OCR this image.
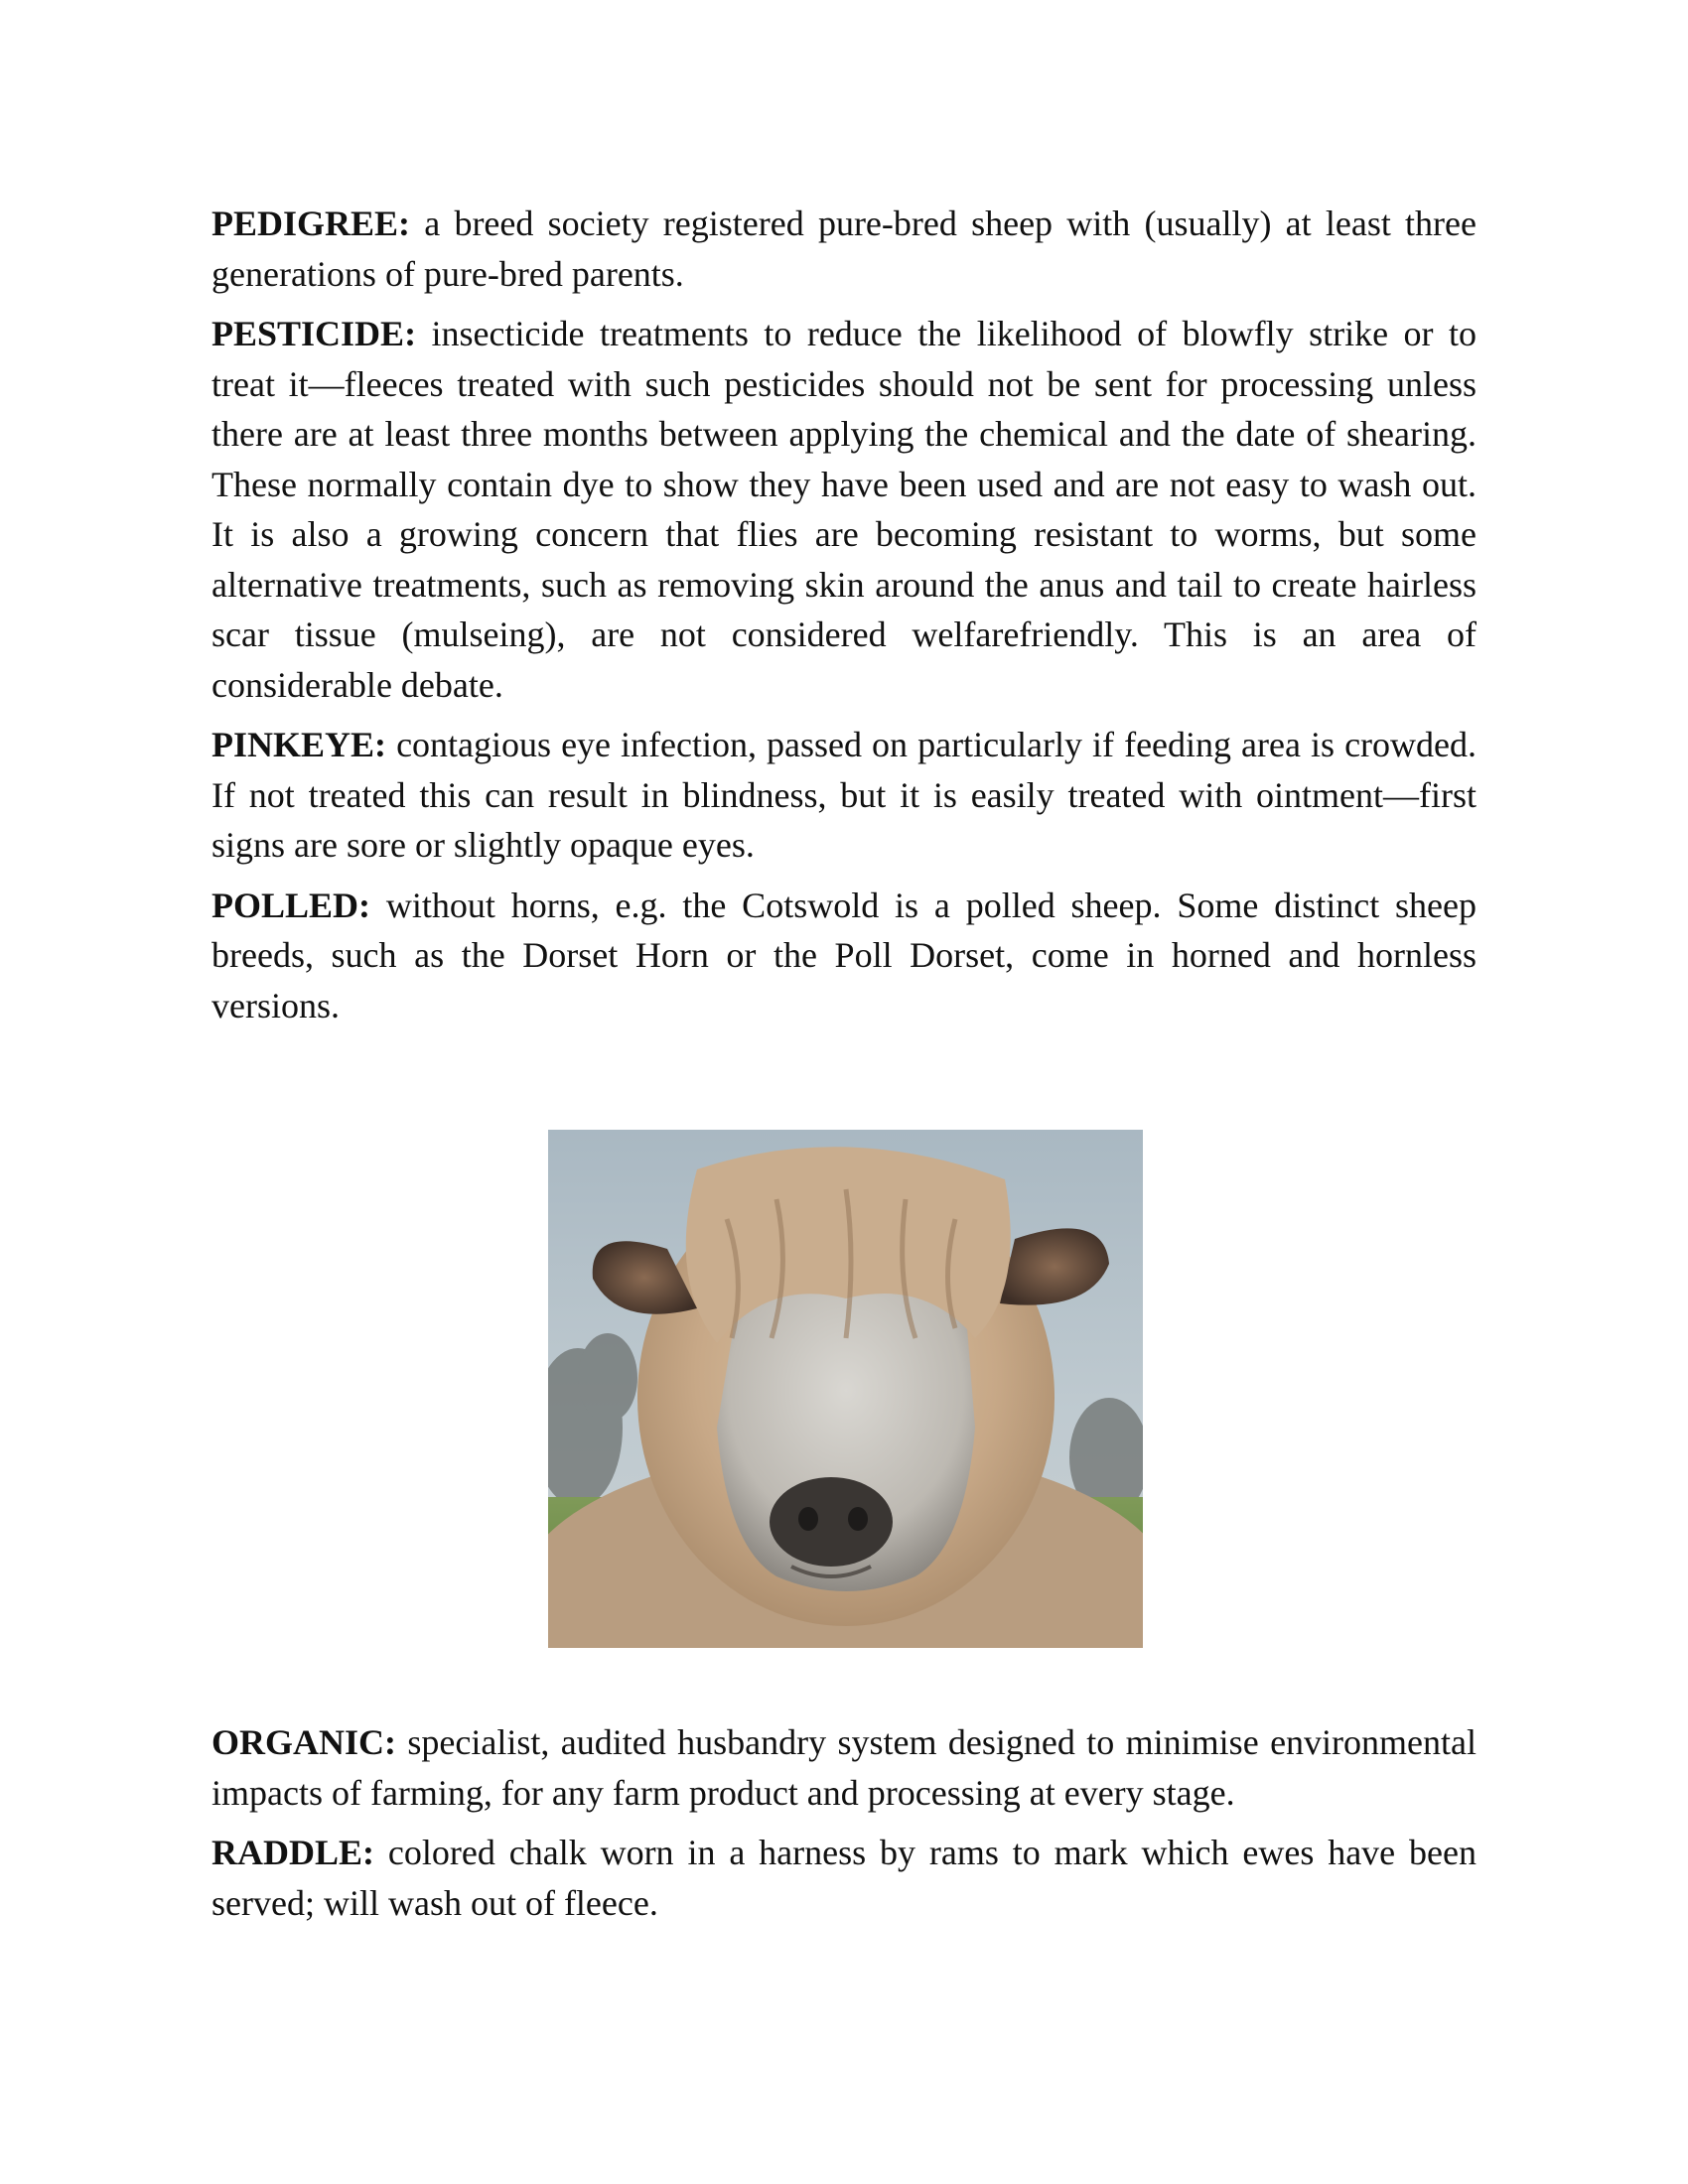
PEDIGREE: a breed society registered pure-bred sheep with (usually) at least three generations of pure-bred parents.

PESTICIDE: insecticide treatments to reduce the likelihood of blowfly strike or to treat it—fleeces treated with such pesticides should not be sent for processing unless there are at least three months between applying the chemical and the date of shearing. These normally contain dye to show they have been used and are not easy to wash out. It is also a growing concern that flies are becoming resistant to worms, but some alternative treatments, such as removing skin around the anus and tail to create hairless scar tissue (mulseing), are not considered welfarefriendly. This is an area of considerable debate.

PINKEYE: contagious eye infection, passed on particularly if feeding area is crowded. If not treated this can result in blindness, but it is easily treated with ointment—first signs are sore or slightly opaque eyes.

POLLED: without horns, e.g. the Cotswold is a polled sheep. Some distinct sheep breeds, such as the Dorset Horn or the Poll Dorset, come in horned and hornless versions.

ORGANIC: specialist, audited husbandry system designed to minimise environmental impacts of farming, for any farm product and processing at every stage.

RADDLE: colored chalk worn in a harness by rams to mark which ewes have been served; will wash out of fleece.
